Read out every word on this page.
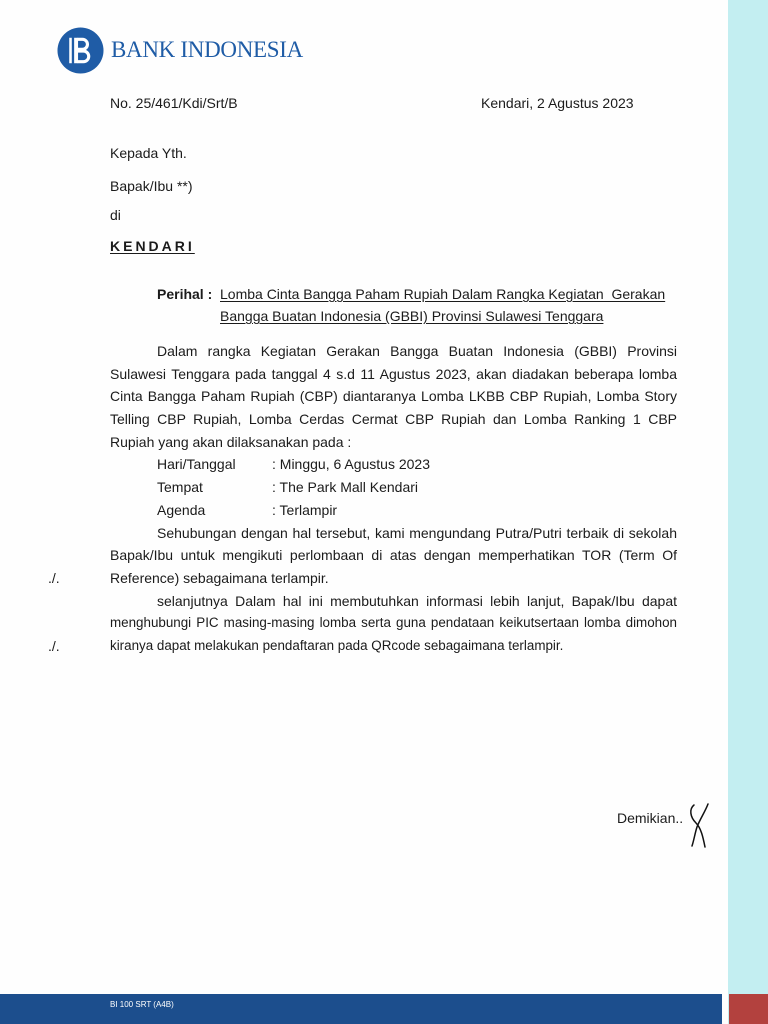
BANK INDONESIA
No. 25/461/Kdi/Srt/B	Kendari, 2 Agustus 2023
Kepada Yth.
Bapak/Ibu **)
di
KENDARI
Perihal : Lomba Cinta Bangga Paham Rupiah Dalam Rangka Kegiatan  Gerakan
Bangga Buatan Indonesia (GBBI) Provinsi Sulawesi Tenggara
Dalam rangka Kegiatan Gerakan Bangga Buatan Indonesia (GBBI) Provinsi
Sulawesi Tenggara pada tanggal 4 s.d 11 Agustus 2023, akan diadakan beberapa lomba
Cinta Bangga Paham Rupiah (CBP) diantaranya Lomba LKBB CBP Rupiah, Lomba Story
Telling CBP Rupiah, Lomba Cerdas Cermat CBP Rupiah dan Lomba Ranking 1 CBP
Rupiah yang akan dilaksanakan pada :
Hari/Tanggal	: Minggu, 6 Agustus 2023
Tempat	: The Park Mall Kendari
Agenda	: Terlampir
Sehubungan dengan hal tersebut, kami mengundang Putra/Putri terbaik di sekolah
Bapak/Ibu untuk mengikuti perlombaan di atas dengan memperhatikan TOR (Term Of
./.	Reference) sebagaimana terlampir.
selanjutnya Dalam hal ini membutuhkan informasi lebih lanjut, Bapak/Ibu dapat
menghubungi PIC masing-masing lomba serta guna pendataan keikutsertaan lomba dimohon
./.	kiranya dapat melakukan pendaftaran pada QRcode sebagaimana terlampir.
Demikian..
BI 100 SRT (A4B)
